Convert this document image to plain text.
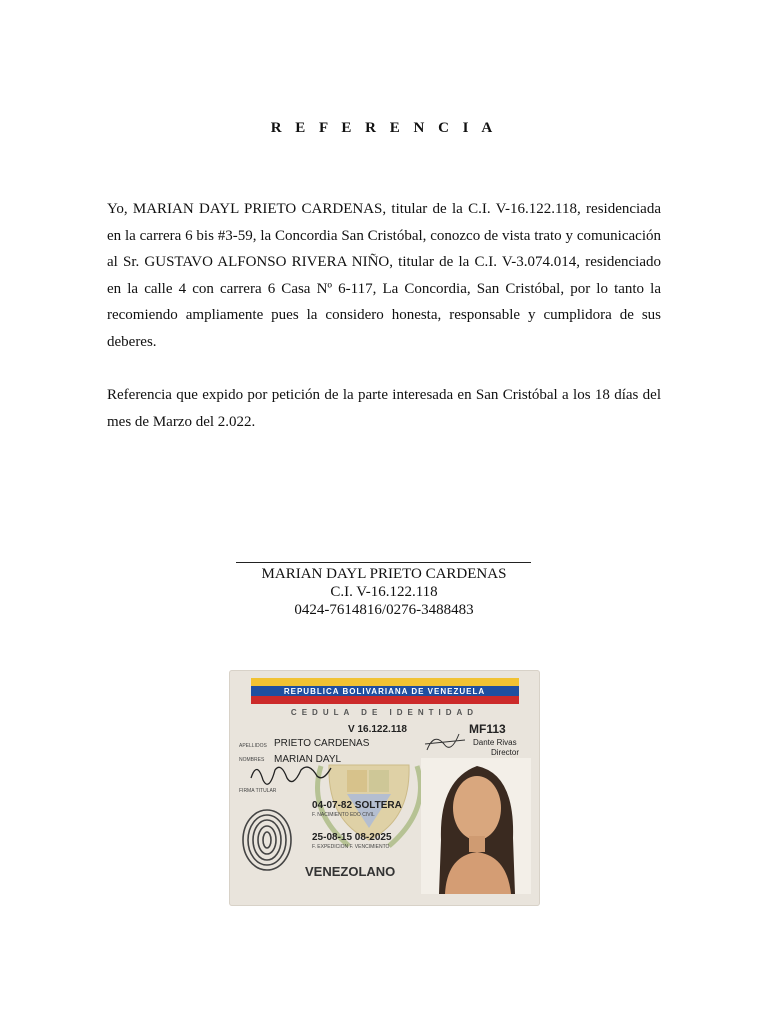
R E F E R E N C I A

Yo, MARIAN DAYL PRIETO CARDENAS, titular de la C.I. V-16.122.118, residenciada en la carrera 6 bis #3-59, la Concordia San Cristóbal, conozco de vista trato y comunicación al Sr. GUSTAVO ALFONSO RIVERA NIÑO, titular de la C.I. V-3.074.014, residenciado en la calle 4 con carrera 6 Casa Nº 6-117, La Concordia, San Cristóbal, por lo tanto la recomiendo ampliamente pues la considero honesta, responsable y cumplidora de sus deberes.

Referencia que expido por petición de la parte interesada en San Cristóbal a los 18 días del mes de Marzo del 2.022.

MARIAN DAYL PRIETO CARDENAS
C.I. V-16.122.118
0424-7614816/0276-3488483
REPUBLICA BOLIVARIANA DE VENEZUELA
CEDULA DE IDENTIDAD
V 16.122.118	MF113
Dante Rivas
Director
APELLIDOS PRIETO CARDENAS
NOMBRES MARIAN DAYL
FIRMA TITULAR
04-07-82 SOLTERA
F. NACIMIENTO EDO CIVIL
25-08-15 08-2025
F. EXPEDICION F. VENCIMIENTO
VENEZOLANO
